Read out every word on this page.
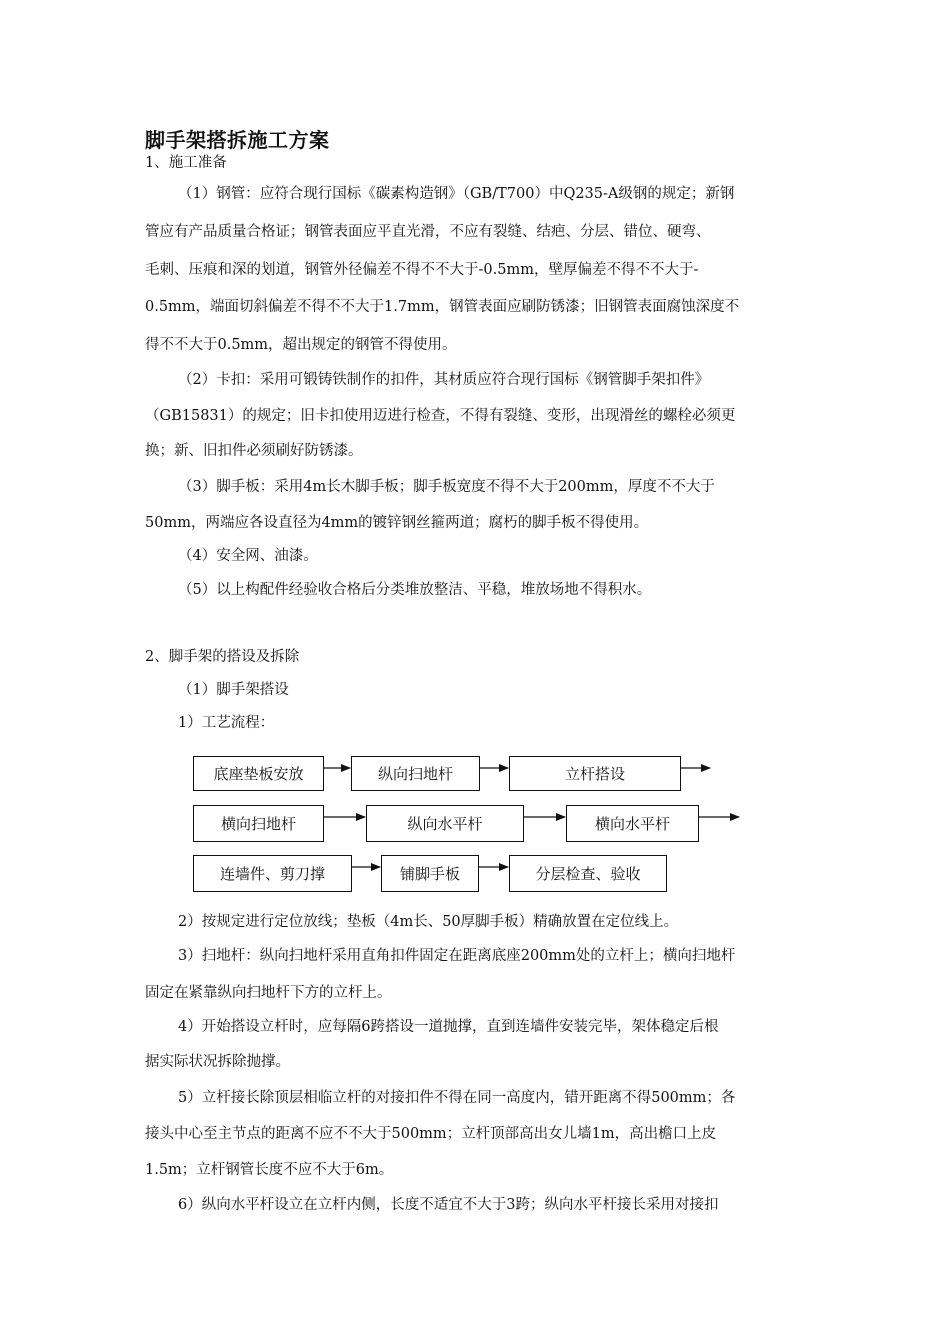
脚手架搭拆施工方案
1、施工准备
（1）钢管：应符合现行国标《碳素构造钢》（GB/T700）中Q235-A级钢的规定；新钢
管应有产品质量合格证；钢管表面应平直光滑，不应有裂缝、结疤、分层、错位、硬弯、
毛刺、压痕和深的划道，钢管外径偏差不得不不大于-0.5mm，壁厚偏差不得不不大于-
0.5mm，端面切斜偏差不得不不大于1.7mm，钢管表面应刷防锈漆；旧钢管表面腐蚀深度不
得不不大于0.5mm，超出规定的钢管不得使用。
（2）卡扣：采用可锻铸铁制作的扣件，其材质应符合现行国标《钢管脚手架扣件》
（GB15831）的规定；旧卡扣使用迈进行检查，不得有裂缝、变形，出现滑丝的螺栓必须更
换；新、旧扣件必须刷好防锈漆。
（3）脚手板：采用4m长木脚手板；脚手板宽度不得不大于200mm，厚度不不大于
50mm，两端应各设直径为4mm的镀锌钢丝箍两道；腐朽的脚手板不得使用。
（4）安全网、油漆。
（5）以上构配件经验收合格后分类堆放整洁、平稳，堆放场地不得积水。
2、脚手架的搭设及拆除
（1）脚手架搭设
1）工艺流程：
底座垫板安放	纵向扫地杆	立杆搭设
横向扫地杆	纵向水平杆	横向水平杆
连墙件、剪刀撑	铺脚手板	分层检查、验收
2）按规定进行定位放线；垫板（4m长、50厚脚手板）精确放置在定位线上。
3）扫地杆：纵向扫地杆采用直角扣件固定在距离底座200mm处的立杆上；横向扫地杆
固定在紧靠纵向扫地杆下方的立杆上。
4）开始搭设立杆时，应每隔6跨搭设一道抛撑，直到连墙件安装完毕，架体稳定后根
据实际状况拆除抛撑。
5）立杆接长除顶层相临立杆的对接扣件不得在同一高度内，错开距离不得500mm；各
接头中心至主节点的距离不应不不大于500mm；立杆顶部高出女儿墙1m，高出檐口上皮
1.5m；立杆钢管长度不应不大于6m。
6）纵向水平杆设立在立杆内侧，长度不适宜不大于3跨；纵向水平杆接长采用对接扣
